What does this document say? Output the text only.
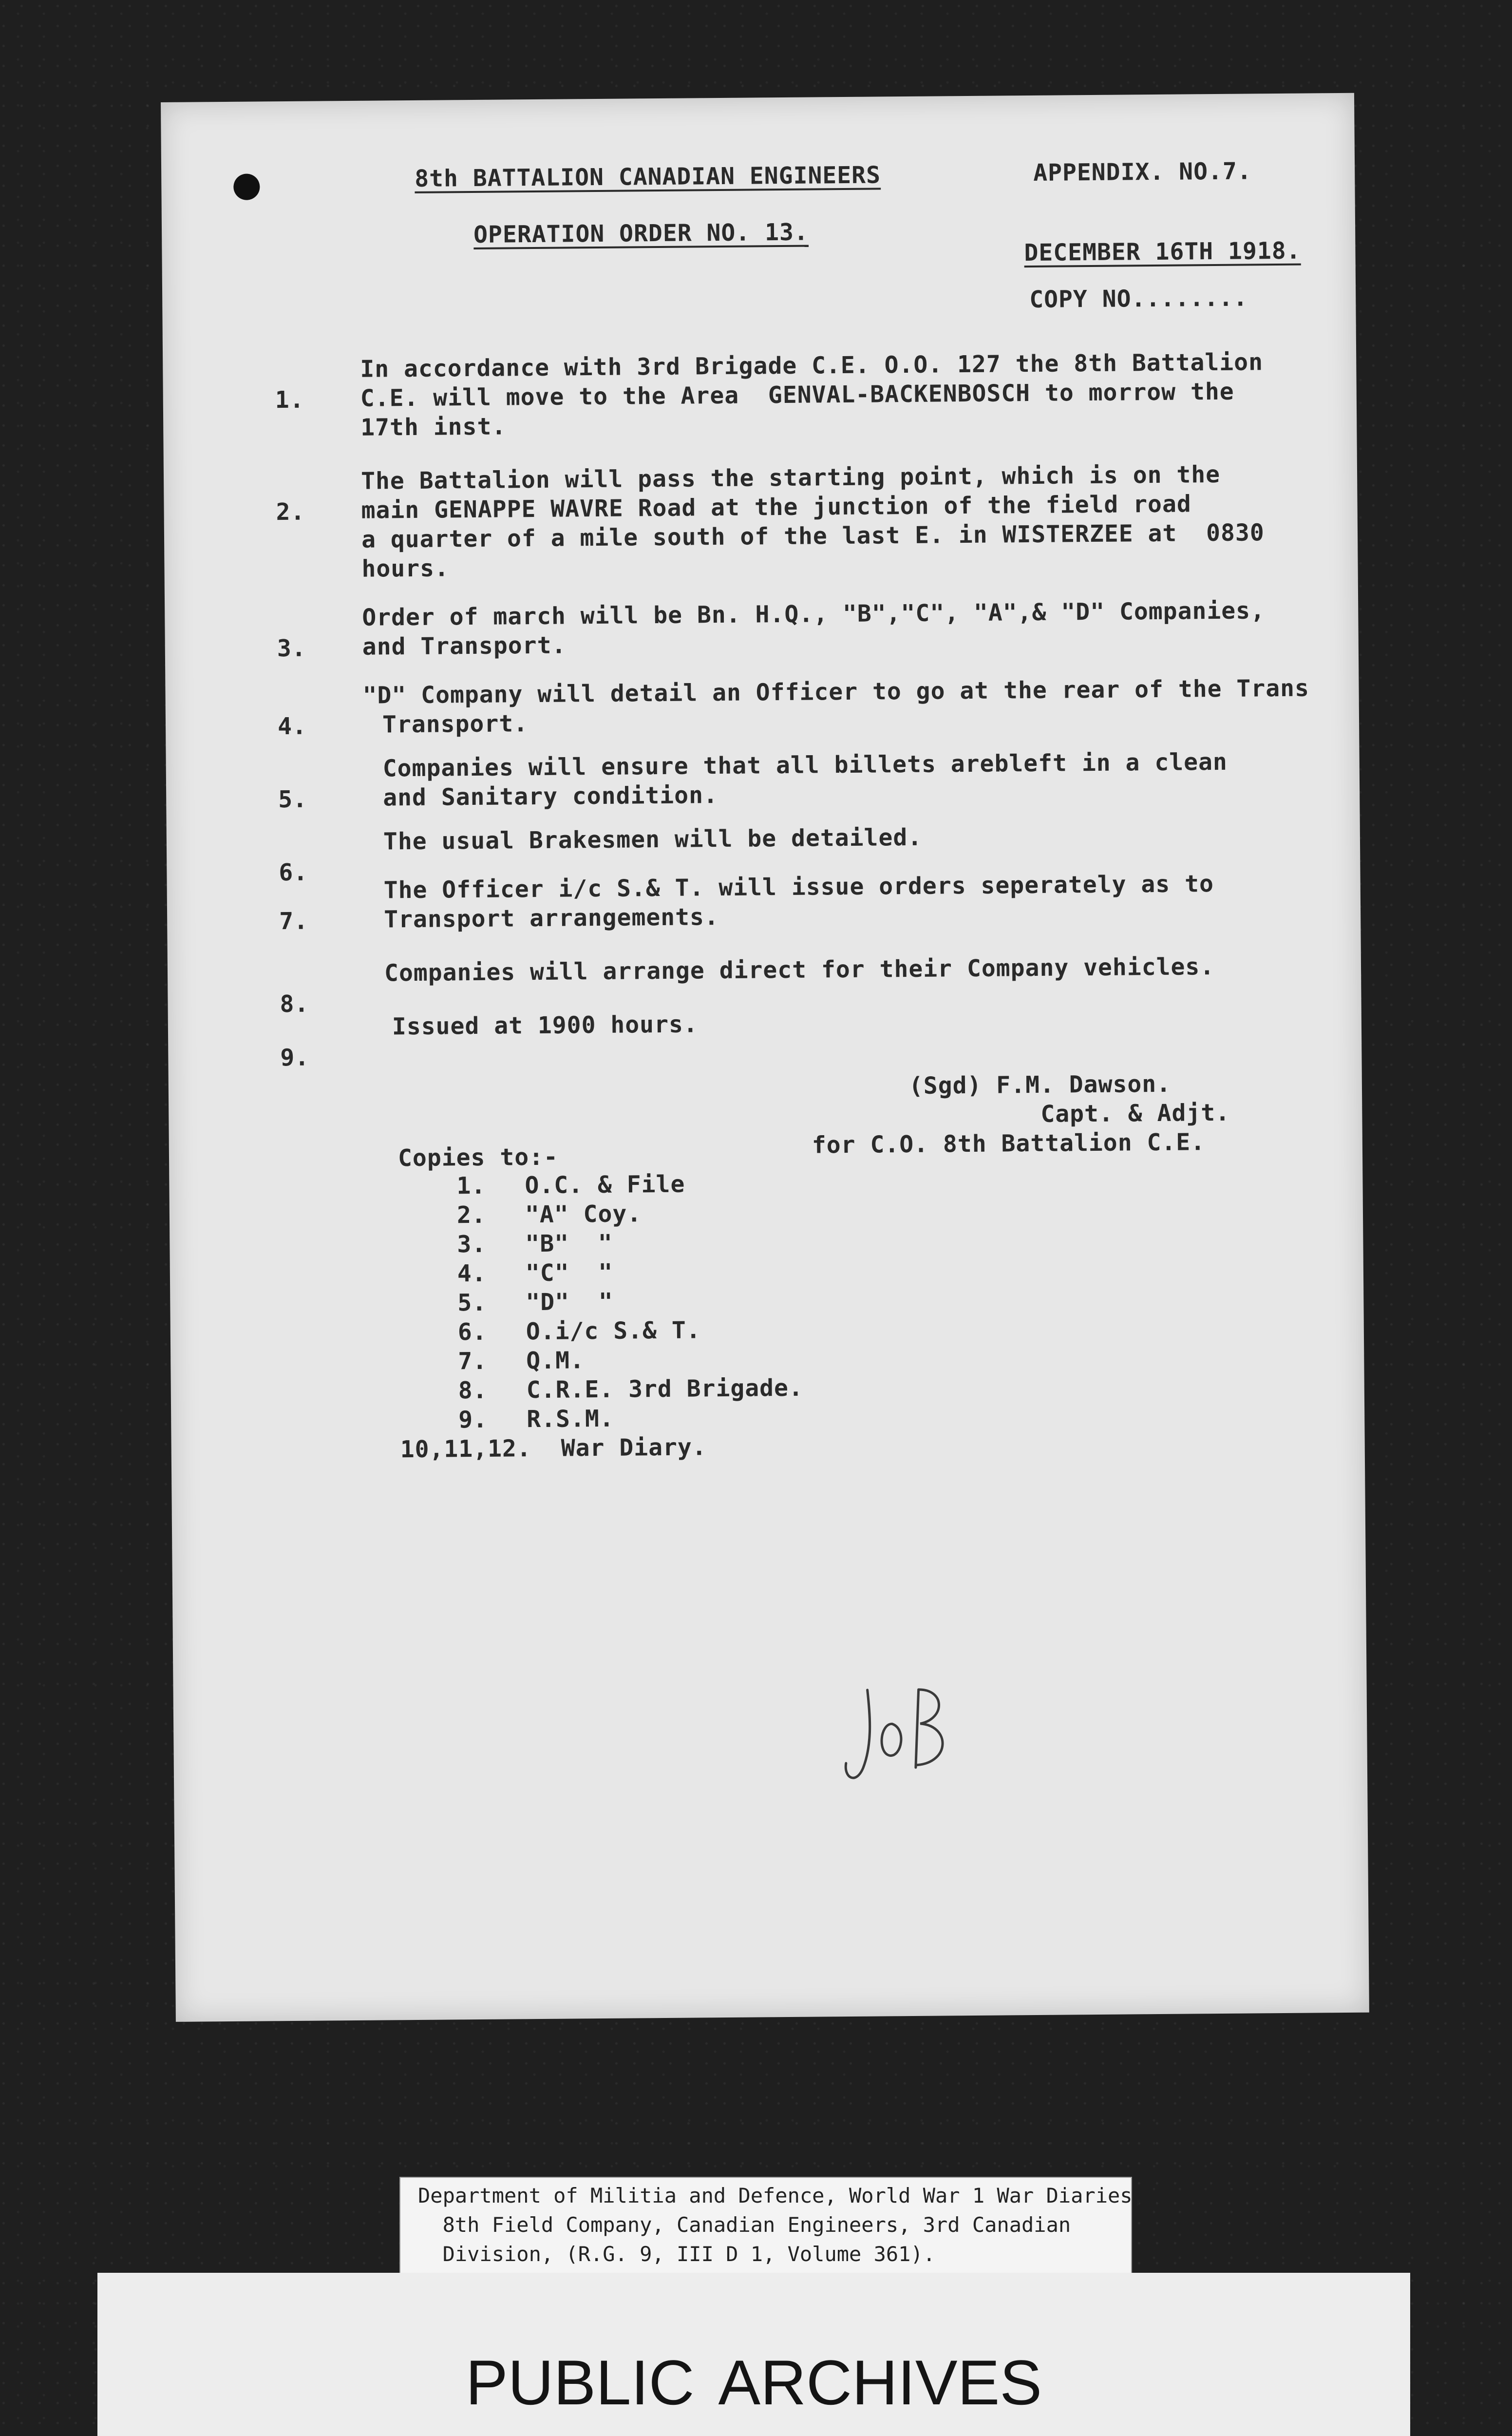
8th BATTALION CANADIAN ENGINEERS	APPENDIX. NO.7.
OPERATION ORDER NO. 13.
DECEMBER 16TH 1918.
COPY NO........

1.

In accordance with 3rd Brigade C.E. O.O. 127 the 8th Battalion

C.E. will move to the Area  GENVAL-BACKENBOSCH to morrow the

17th inst.

2.

The Battalion will pass the starting point, which is on the

main GENAPPE WAVRE Road at the junction of the field road

a quarter of a mile south of the last E. in WISTERZEE at  0830

hours.

3.

Order of march will be Bn. H.Q., "B","C", "A",& "D" Companies,

and Transport.

4.

"D" Company will detail an Officer to go at the rear of the Trans

Transport.

5.

Companies will ensure that all billets arebleft in a clean

and Sanitary condition.

6.

The usual Brakesmen will be detailed.

7.

The Officer i/c S.& T. will issue orders seperately as to

Transport arrangements.

8.

Companies will arrange direct for their Company vehicles.

9.

Issued at 1900 hours.

(Sgd) F.M. Dawson.
Capt. & Adjt.
for C.O. 8th Battalion C.E.
Copies to:-
1. O.C. & File
2. "A" Coy.
3. "B"  "
4. "C"  "
5. "D"  "
6. O.i/c S.& T.
7. Q.M.
8. C.R.E. 3rd Brigade.
9. R.S.M.
10,11,12. War Diary.
Department of Militia and Defence, World War 1 War Diaries,
8th Field Company, Canadian Engineers, 3rd Canadian
Division, (R.G. 9, III D 1, Volume 361).
PUBLIC ARCHIVES
